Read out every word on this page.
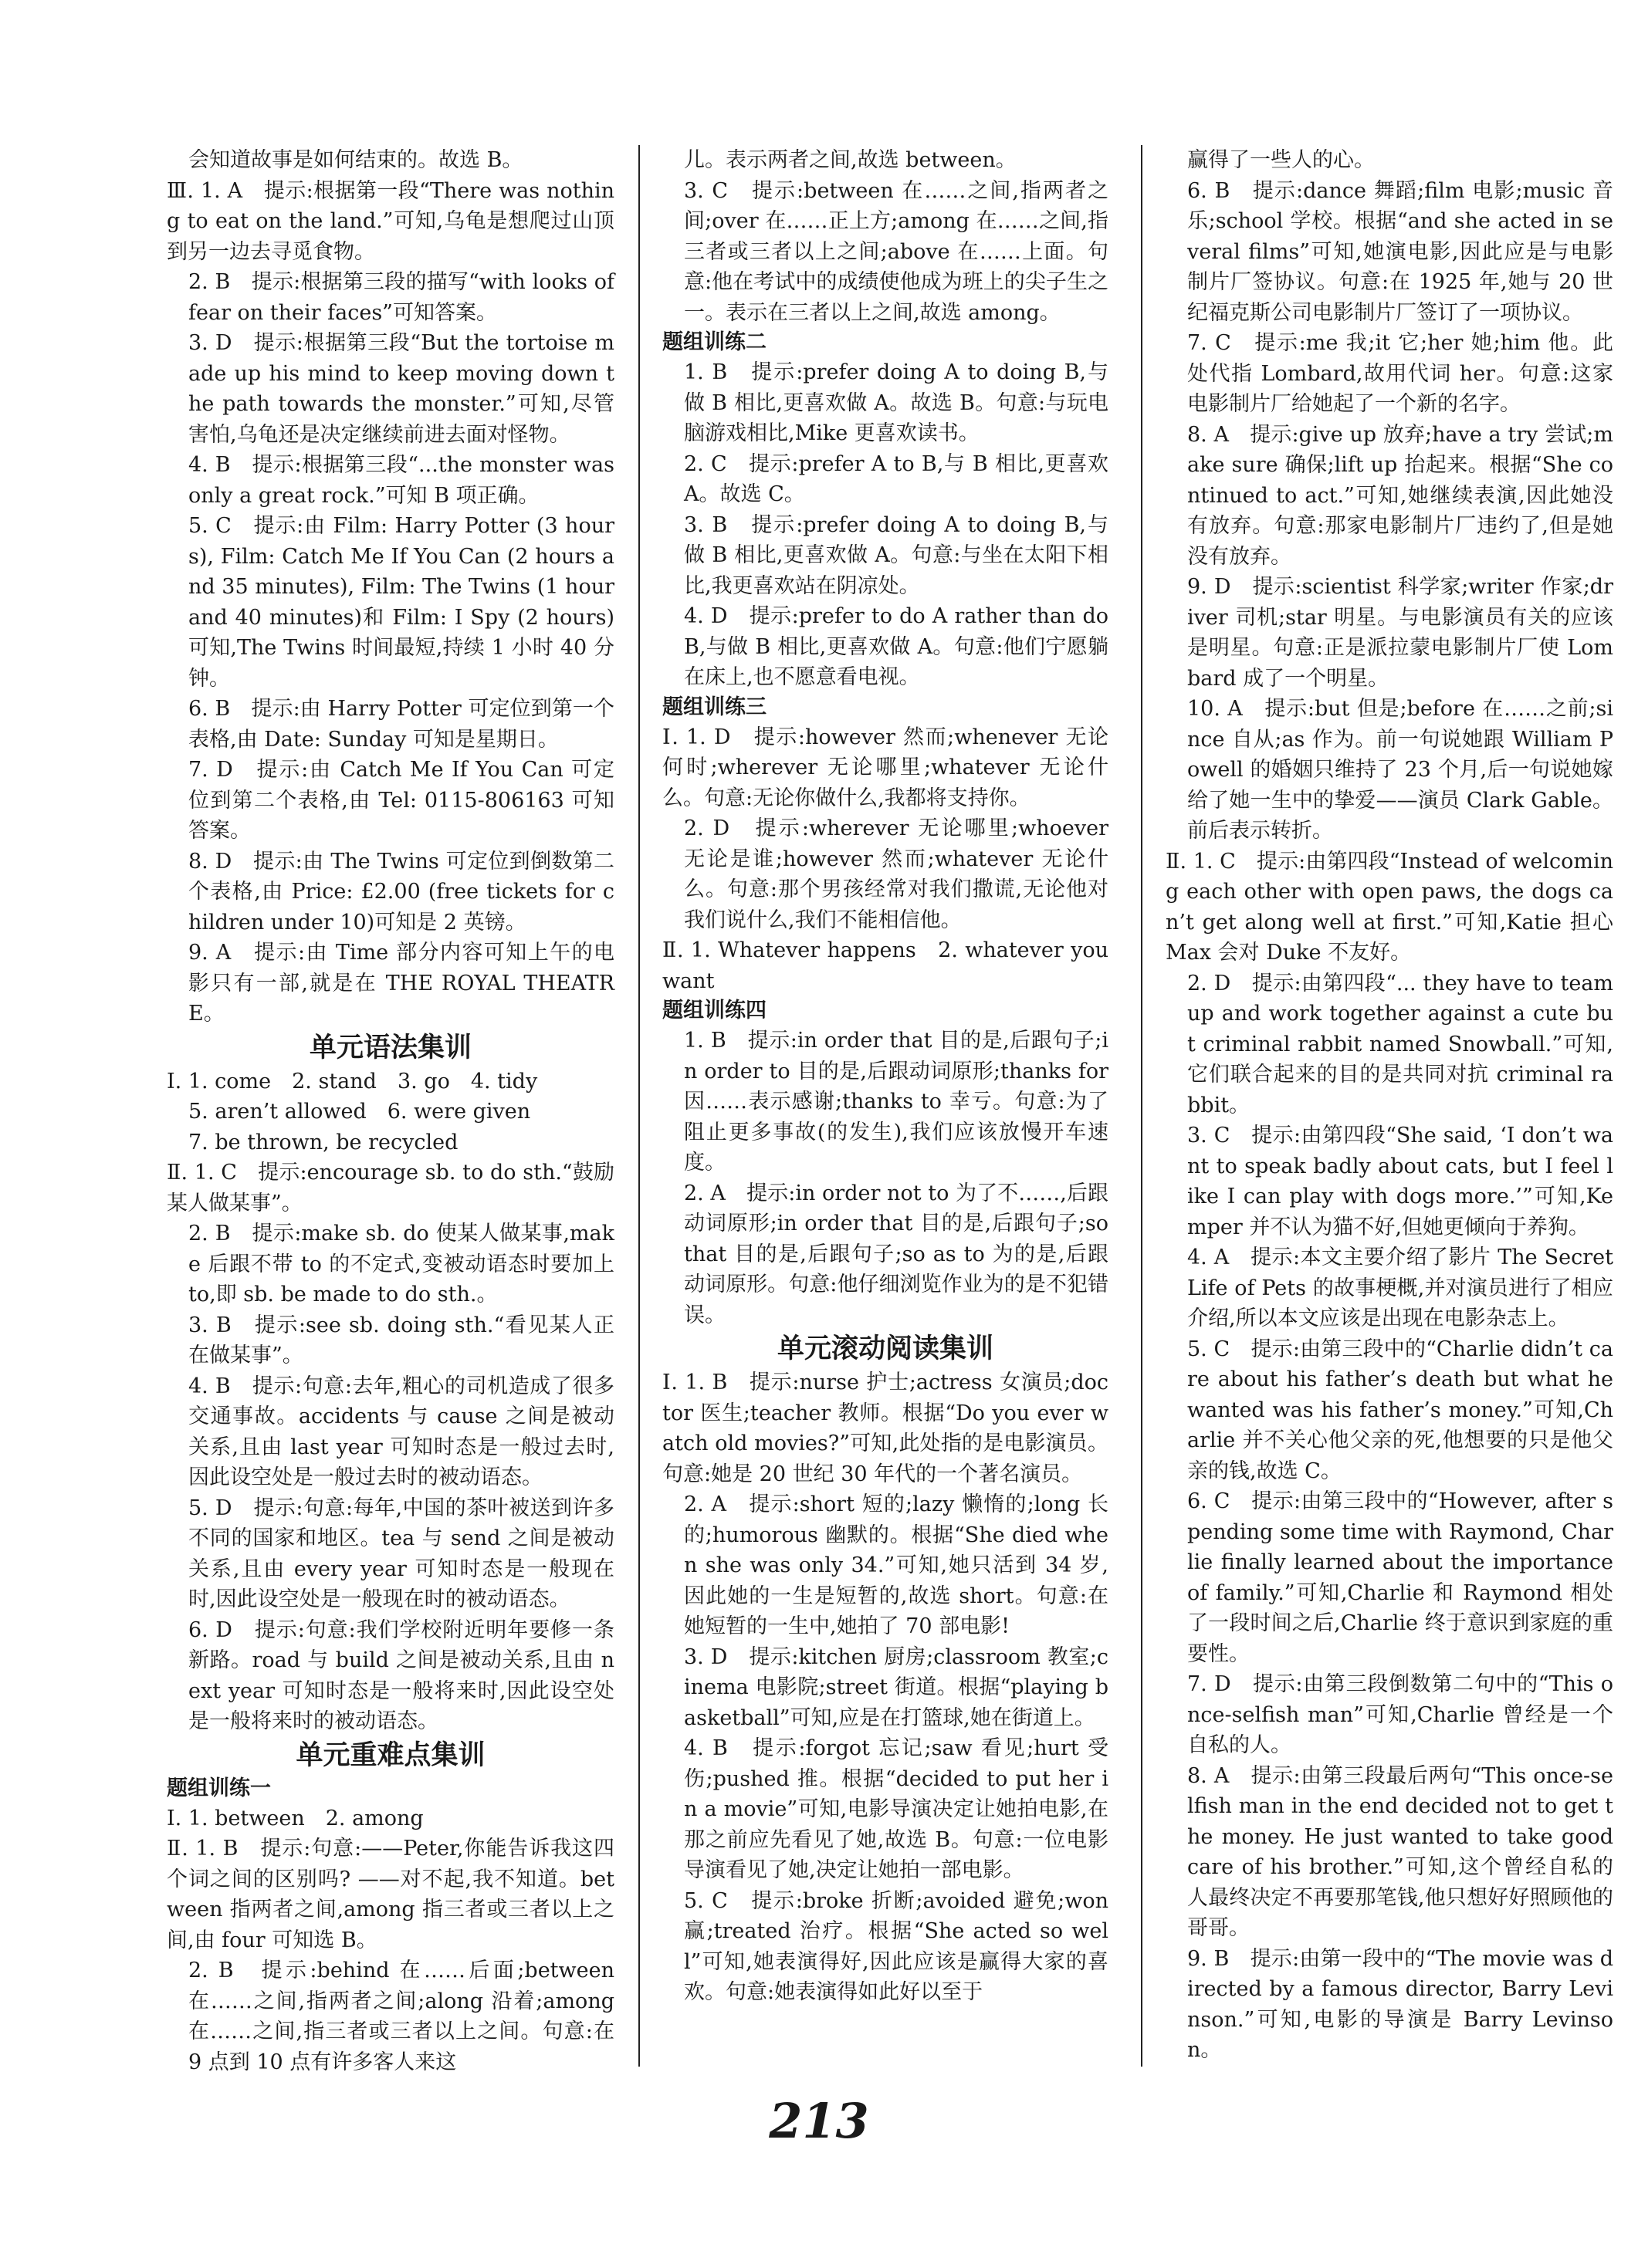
会知道故事是如何结束的。故选 B。
Ⅲ. 1. A　提示:根据第一段“There was nothing to eat on the land.”可知,乌龟是想爬过山顶到另一边去寻觅食物。
2. B　提示:根据第三段的描写“with looks of fear on their faces”可知答案。
3. D　提示:根据第三段“But the tortoise made up his mind to keep moving down the path towards the monster.”可知,尽管害怕,乌龟还是决定继续前进去面对怪物。
4. B　提示:根据第三段“...the monster was only a great rock.”可知 B 项正确。
5. C　提示:由 Film: Harry Potter (3 hours), Film: Catch Me If You Can (2 hours and 35 minutes), Film: The Twins (1 hour and 40 minutes)和 Film: I Spy (2 hours)可知,The Twins 时间最短,持续 1 小时 40 分钟。
6. B　提示:由 Harry Potter 可定位到第一个表格,由 Date: Sunday 可知是星期日。
7. D　提示:由 Catch Me If You Can 可定位到第二个表格,由 Tel: 0115-806163 可知答案。
8. D　提示:由 The Twins 可定位到倒数第二个表格,由 Price: £2.00 (free tickets for children under 10)可知是 2 英镑。
9. A　提示:由 Time 部分内容可知上午的电影只有一部,就是在 THE ROYAL THEATRE。
单元语法集训
Ⅰ. 1. come　2. stand　3. go　4. tidy
5. aren’t allowed　6. were given
7. be thrown, be recycled
Ⅱ. 1. C　提示:encourage sb. to do sth.“鼓励某人做某事”。
2. B　提示:make sb. do 使某人做某事,make 后跟不带 to 的不定式,变被动语态时要加上 to,即 sb. be made to do sth.。
3. B　提示:see sb. doing sth.“看见某人正在做某事”。
4. B　提示:句意:去年,粗心的司机造成了很多交通事故。accidents 与 cause 之间是被动关系,且由 last year 可知时态是一般过去时,因此设空处是一般过去时的被动语态。
5. D　提示:句意:每年,中国的茶叶被送到许多不同的国家和地区。tea 与 send 之间是被动关系,且由 every year 可知时态是一般现在时,因此设空处是一般现在时的被动语态。
6. D　提示:句意:我们学校附近明年要修一条新路。road 与 build 之间是被动关系,且由 next year 可知时态是一般将来时,因此设空处是一般将来时的被动语态。
单元重难点集训
题组训练一
Ⅰ. 1. between　2. among
Ⅱ. 1. B　提示:句意:——Peter,你能告诉我这四个词之间的区别吗? ——对不起,我不知道。between 指两者之间,among 指三者或三者以上之间,由 four 可知选 B。
2. B　提示:behind 在……后面;between 在……之间,指两者之间;along 沿着;among 在……之间,指三者或三者以上之间。句意:在 9 点到 10 点有许多客人来这
儿。表示两者之间,故选 between。
3. C　提示:between 在……之间,指两者之间;over 在……正上方;among 在……之间,指三者或三者以上之间;above 在……上面。句意:他在考试中的成绩使他成为班上的尖子生之一。表示在三者以上之间,故选 among。
题组训练二
1. B　提示:prefer doing A to doing B,与做 B 相比,更喜欢做 A。故选 B。句意:与玩电脑游戏相比,Mike 更喜欢读书。
2. C　提示:prefer A to B,与 B 相比,更喜欢 A。故选 C。
3. B　提示:prefer doing A to doing B,与做 B 相比,更喜欢做 A。句意:与坐在太阳下相比,我更喜欢站在阴凉处。
4. D　提示:prefer to do A rather than do B,与做 B 相比,更喜欢做 A。句意:他们宁愿躺在床上,也不愿意看电视。
题组训练三
Ⅰ. 1. D　提示:however 然而;whenever 无论何时;wherever 无论哪里;whatever 无论什么。句意:无论你做什么,我都将支持你。
2. D　提示:wherever 无论哪里;whoever 无论是谁;however 然而;whatever 无论什么。句意:那个男孩经常对我们撒谎,无论他对我们说什么,我们不能相信他。
Ⅱ. 1. Whatever happens　2. whatever you want
题组训练四
1. B　提示:in order that 目的是,后跟句子;in order to 目的是,后跟动词原形;thanks for 因……表示感谢;thanks to 幸亏。句意:为了阻止更多事故(的发生),我们应该放慢开车速度。
2. A　提示:in order not to 为了不……,后跟动词原形;in order that 目的是,后跟句子;so that 目的是,后跟句子;so as to 为的是,后跟动词原形。句意:他仔细浏览作业为的是不犯错误。
单元滚动阅读集训
Ⅰ. 1. B　提示:nurse 护士;actress 女演员;doctor 医生;teacher 教师。根据“Do you ever watch old movies?”可知,此处指的是电影演员。句意:她是 20 世纪 30 年代的一个著名演员。
2. A　提示:short 短的;lazy 懒惰的;long 长的;humorous 幽默的。根据“She died when she was only 34.”可知,她只活到 34 岁,因此她的一生是短暂的,故选 short。句意:在她短暂的一生中,她拍了 70 部电影!
3. D　提示:kitchen 厨房;classroom 教室;cinema 电影院;street 街道。根据“playing basketball”可知,应是在打篮球,她在街道上。
4. B　提示:forgot 忘记;saw 看见;hurt 受伤;pushed 推。根据“decided to put her in a movie”可知,电影导演决定让她拍电影,在那之前应先看见了她,故选 B。句意:一位电影导演看见了她,决定让她拍一部电影。
5. C　提示:broke 折断;avoided 避免;won 赢;treated 治疗。根据“She acted so well”可知,她表演得好,因此应该是赢得大家的喜欢。句意:她表演得如此好以至于
赢得了一些人的心。
6. B　提示:dance 舞蹈;film 电影;music 音乐;school 学校。根据“and she acted in several films”可知,她演电影,因此应是与电影制片厂签协议。句意:在 1925 年,她与 20 世纪福克斯公司电影制片厂签订了一项协议。
7. C　提示:me 我;it 它;her 她;him 他。此处代指 Lombard,故用代词 her。句意:这家电影制片厂给她起了一个新的名字。
8. A　提示:give up 放弃;have a try 尝试;make sure 确保;lift up 抬起来。根据“She continued to act.”可知,她继续表演,因此她没有放弃。句意:那家电影制片厂违约了,但是她没有放弃。
9. D　提示:scientist 科学家;writer 作家;driver 司机;star 明星。与电影演员有关的应该是明星。句意:正是派拉蒙电影制片厂使 Lombard 成了一个明星。
10. A　提示:but 但是;before 在……之前;since 自从;as 作为。前一句说她跟 William Powell 的婚姻只维持了 23 个月,后一句说她嫁给了她一生中的挚爱——演员 Clark Gable。前后表示转折。
Ⅱ. 1. C　提示:由第四段“Instead of welcoming each other with open paws, the dogs can’t get along well at first.”可知,Katie 担心 Max 会对 Duke 不友好。
2. D　提示:由第四段“... they have to team up and work together against a cute but criminal rabbit named Snowball.”可知,它们联合起来的目的是共同对抗 criminal rabbit。
3. C　提示:由第四段“She said, ‘I don’t want to speak badly about cats, but I feel like I can play with dogs more.’”可知,Kemper 并不认为猫不好,但她更倾向于养狗。
4. A　提示:本文主要介绍了影片 The Secret Life of Pets 的故事梗概,并对演员进行了相应介绍,所以本文应该是出现在电影杂志上。
5. C　提示:由第三段中的“Charlie didn’t care about his father’s death but what he wanted was his father’s money.”可知,Charlie 并不关心他父亲的死,他想要的只是他父亲的钱,故选 C。
6. C　提示:由第三段中的“However, after spending some time with Raymond, Charlie finally learned about the importance of family.”可知,Charlie 和 Raymond 相处了一段时间之后,Charlie 终于意识到家庭的重要性。
7. D　提示:由第三段倒数第二句中的“This once-selfish man”可知,Charlie 曾经是一个自私的人。
8. A　提示:由第三段最后两句“This once-selfish man in the end decided not to get the money. He just wanted to take good care of his brother.”可知,这个曾经自私的人最终决定不再要那笔钱,他只想好好照顾他的哥哥。
9. B　提示:由第一段中的“The movie was directed by a famous director, Barry Levinson.”可知,电影的导演是 Barry Levinson。
213
